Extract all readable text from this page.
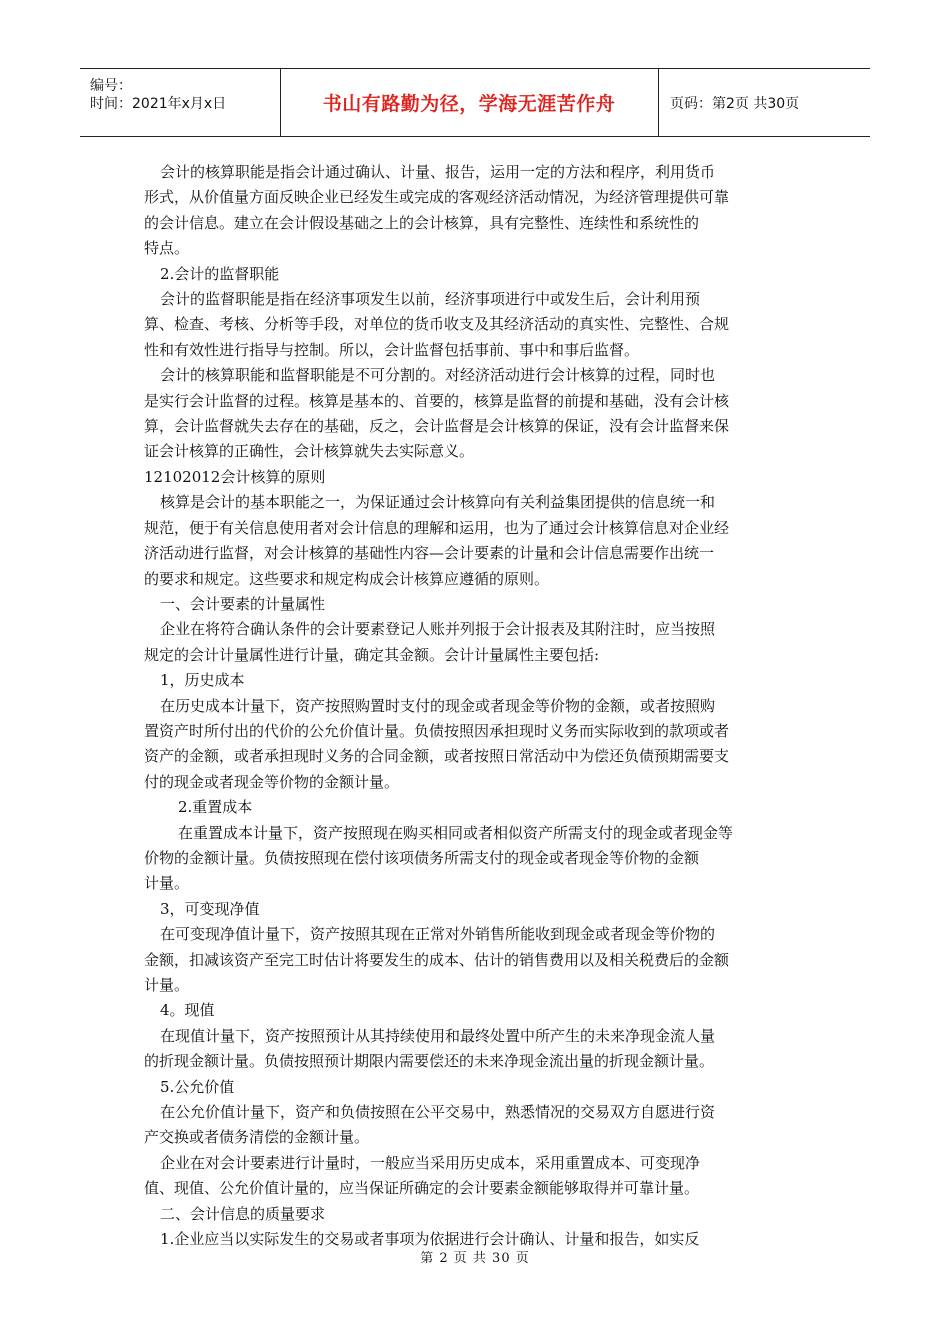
编号：
时间：2021年x月x日	书山有路勤为径，学海无涯苦作舟	页码：第2页 共30页

会计的核算职能是指会计通过确认、计量、报告，运用一定的方法和程序，利用货币

形式，从价值量方面反映企业已经发生或完成的客观经济活动情况，为经济管理提供可靠

的会计信息。建立在会计假设基础之上的会计核算，具有完整性、连续性和系统性的

特点。

2.会计的监督职能

会计的监督职能是指在经济事项发生以前，经济事项进行中或发生后，会计利用预

算、检查、考核、分析等手段，对单位的货币收支及其经济活动的真实性、完整性、合规

性和有效性进行指导与控制。所以，会计监督包括事前、事中和事后监督。

会计的核算职能和监督职能是不可分割的。对经济活动进行会计核算的过程，同时也

是实行会计监督的过程。核算是基本的、首要的，核算是监督的前提和基础，没有会计核

算，会计监督就失去存在的基础，反之，会计监督是会计核算的保证，没有会计监督来保

证会计核算的正确性，会计核算就失去实际意义。

12102012会计核算的原则

核算是会计的基本职能之一，为保证通过会计核算向有关利益集团提供的信息统一和

规范，便于有关信息使用者对会计信息的理解和运用，也为了通过会计核算信息对企业经

济活动进行监督，对会计核算的基础性内容—会计要素的计量和会计信息需要作出统一

的要求和规定。这些要求和规定构成会计核算应遵循的原则。

一、会计要素的计量属性

企业在将符合确认条件的会计要素登记人账并列报于会计报表及其附注时，应当按照

规定的会计计量属性进行计量，确定其金额。会计计量属性主要包括:

1，历史成本

在历史成本计量下，资产按照购置时支付的现金或者现金等价物的金额，或者按照购

置资产时所付出的代价的公允价值计量。负债按照因承担现时义务而实际收到的款项或者

资产的金额，或者承担现时义务的合同金额，或者按照日常活动中为偿还负债预期需要支

付的现金或者现金等价物的金额计量。

2.重置成本

在重置成本计量下，资产按照现在购买相同或者相似资产所需支付的现金或者现金等

价物的金额计量。负债按照现在偿付该项债务所需支付的现金或者现金等价物的金额

计量。

3，可变现净值

在可变现净值计量下，资产按照其现在正常对外销售所能收到现金或者现金等价物的

金额，扣减该资产至完工时估计将要发生的成本、估计的销售费用以及相关税费后的金额

计量。

4。现值

在现值计量下，资产按照预计从其持续使用和最终处置中所产生的未来净现金流人量

的折现金额计量。负债按照预计期限内需要偿还的未来净现金流出量的折现金额计量。

5.公允价值

在公允价值计量下，资产和负债按照在公平交易中，熟悉情况的交易双方自愿进行资

产交换或者债务清偿的金额计量。

企业在对会计要素进行计量时，一般应当采用历史成本，采用重置成本、可变现净

值、现值、公允价值计量的，应当保证所确定的会计要素金额能够取得并可靠计量。

二、会计信息的质量要求

1.企业应当以实际发生的交易或者事项为依据进行会计确认、计量和报告，如实反

第 2 页 共 30 页
